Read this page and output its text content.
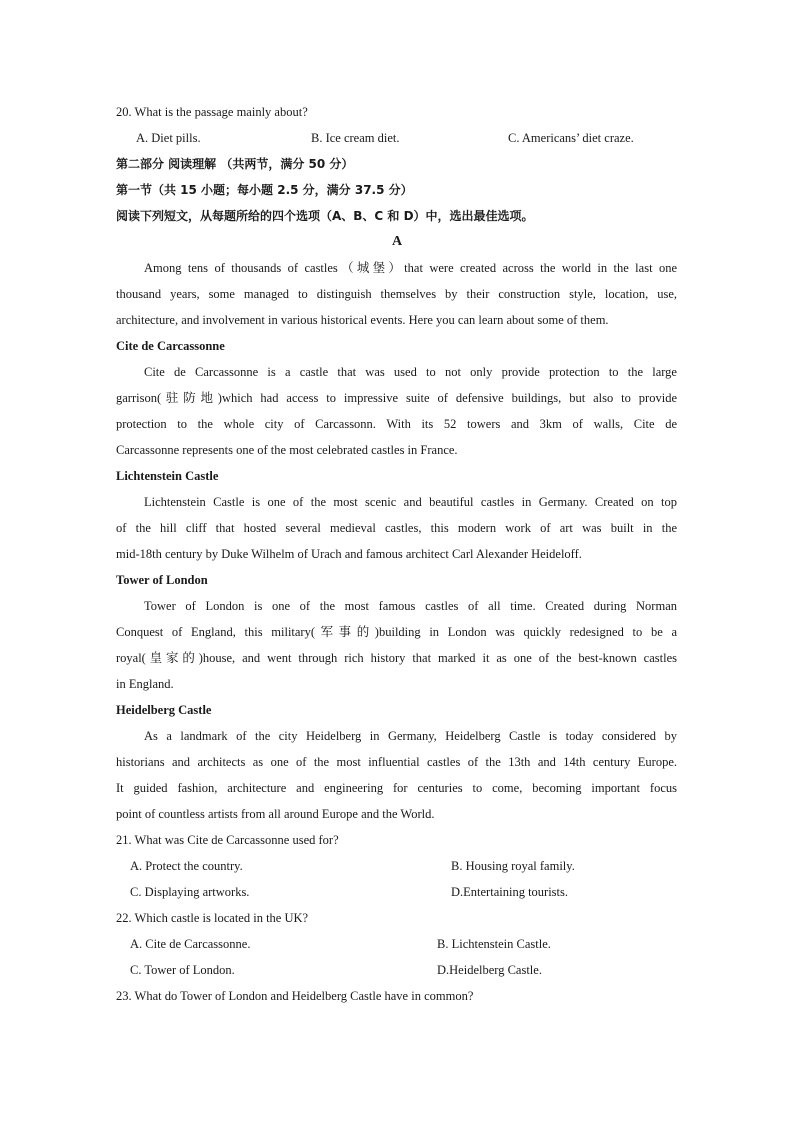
20. What is the passage mainly about?
A. Diet pills.	B. Ice cream diet.	C. Americans’ diet craze.
第二部分 阅读理解 （共两节，满分 50 分）
第一节（共 15 小题；每小题 2.5 分，满分 37.5 分）
阅读下列短文，从每题所给的四个选项（A、B、C 和 D）中，选出最佳选项。
A
Among tens of thousands of castles（城堡）that were created across the world in the last one
thousand years, some managed to distinguish themselves by their construction style, location, use,
architecture, and involvement in various historical events. Here you can learn about some of them.
Cite de Carcassonne
Cite de Carcassonne is a castle that was used to not only provide protection to the large
garrison(驻防地)which had access to impressive suite of defensive buildings, but also to provide
protection to the whole city of Carcassonn. With its 52 towers and 3km of walls, Cite de
Carcassonne represents one of the most celebrated castles in France.
Lichtenstein Castle
Lichtenstein Castle is one of the most scenic and beautiful castles in Germany. Created on top
of the hill cliff that hosted several medieval castles, this modern work of art was built in the
mid-18th century by Duke Wilhelm of Urach and famous architect Carl Alexander Heideloff.
Tower of London
Tower of London is one of the most famous castles of all time. Created during Norman
Conquest of England, this military(军事的)building in London was quickly redesigned to be a
royal(皇家的)house, and went through rich history that marked it as one of the best-known castles
in England.
Heidelberg Castle
As a landmark of the city Heidelberg in Germany, Heidelberg Castle is today considered by
historians and architects as one of the most influential castles of the 13th and 14th century Europe.
It guided fashion, architecture and engineering for centuries to come, becoming important focus
point of countless artists from all around Europe and the World.
21. What was Cite de Carcassonne used for?
A. Protect the country.	B. Housing royal family.
C. Displaying artworks.	D.Entertaining tourists.
22. Which castle is located in the UK?
A. Cite de Carcassonne.	B. Lichtenstein Castle.
C. Tower of London.	D.Heidelberg Castle.
23. What do Tower of London and Heidelberg Castle have in common?
